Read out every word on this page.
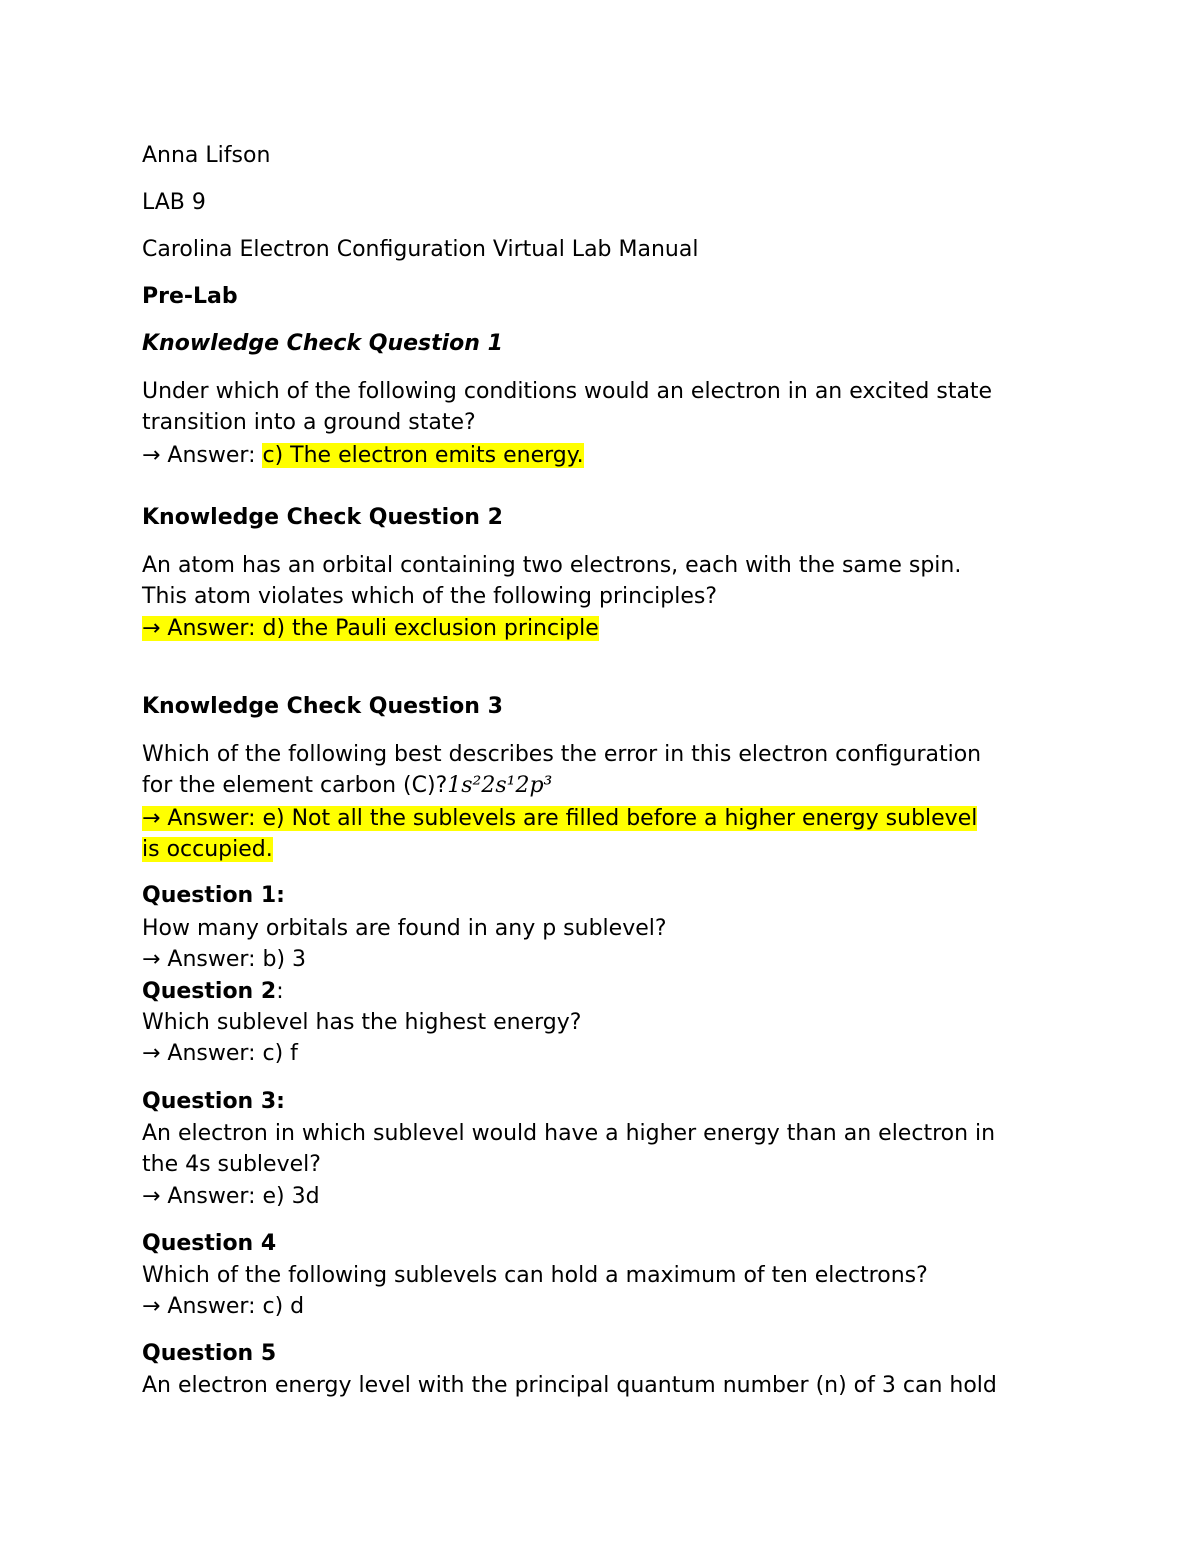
Anna Lifson
LAB 9
Carolina Electron Configuration Virtual Lab Manual
Pre-Lab
Knowledge Check Question 1
Under which of the following conditions would an electron in an excited state
transition into a ground state?
→ Answer: c) The electron emits energy.
Knowledge Check Question 2
An atom has an orbital containing two electrons, each with the same spin.
This atom violates which of the following principles?
→ Answer: d) the Pauli exclusion principle
Knowledge Check Question 3
Which of the following best describes the error in this electron configuration
for the element carbon (C)?1s²2s¹2p³
→ Answer: e) Not all the sublevels are filled before a higher energy sublevel
is occupied.
Question 1:
How many orbitals are found in any p sublevel?
→ Answer: b) 3
Question 2:
Which sublevel has the highest energy?
→ Answer: c) f
Question 3:
An electron in which sublevel would have a higher energy than an electron in
the 4s sublevel?
→ Answer: e) 3d
Question 4
Which of the following sublevels can hold a maximum of ten electrons?
→ Answer: c) d
Question 5
An electron energy level with the principal quantum number (n) of 3 can hold
